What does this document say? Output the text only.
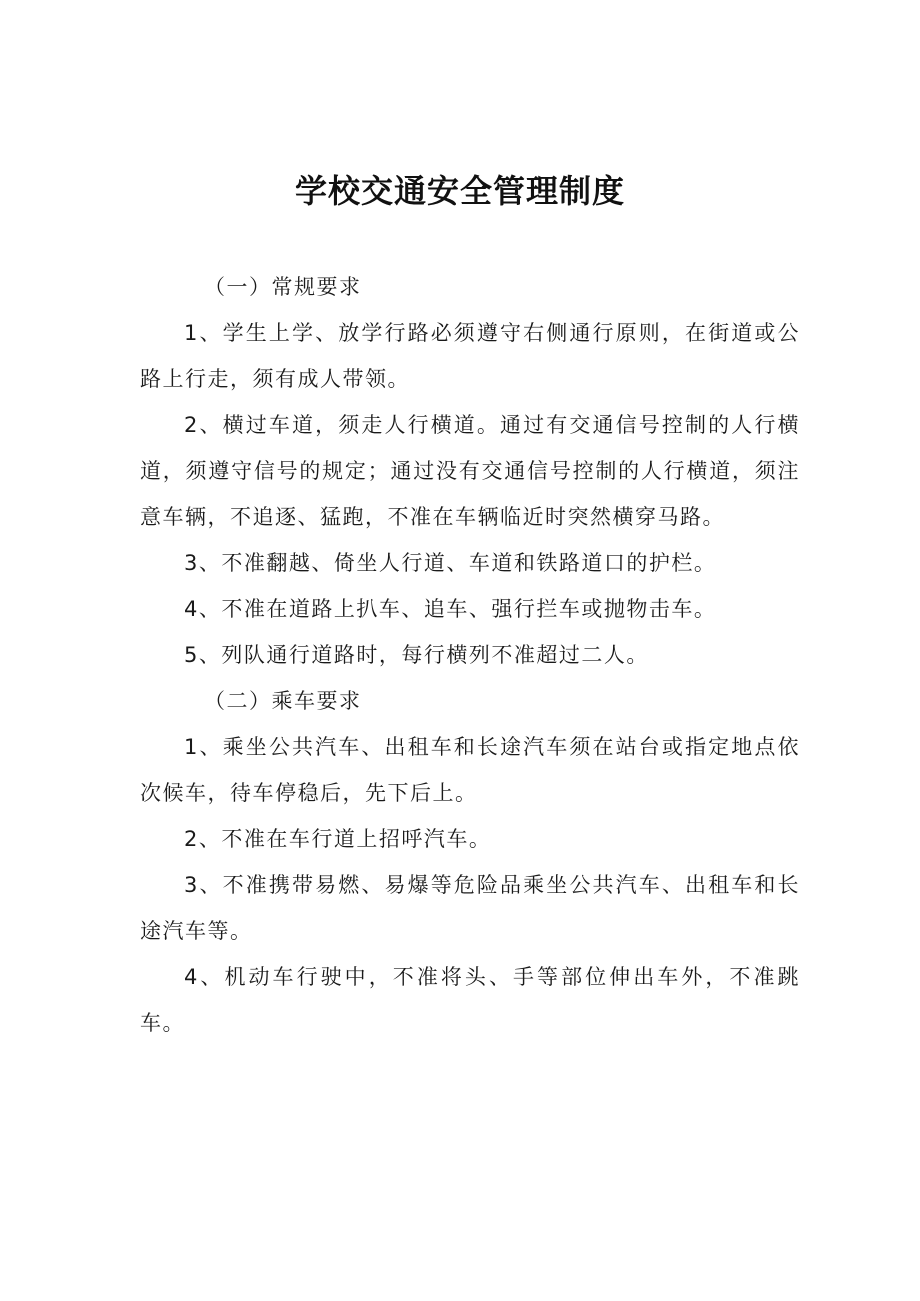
学校交通安全管理制度

（一）常规要求

1、学生上学、放学行路必须遵守右侧通行原则，在街道或公路上行走，须有成人带领。

2、横过车道，须走人行横道。通过有交通信号控制的人行横道，须遵守信号的规定；通过没有交通信号控制的人行横道，须注意车辆，不追逐、猛跑，不准在车辆临近时突然横穿马路。

3、不准翻越、倚坐人行道、车道和铁路道口的护栏。

4、不准在道路上扒车、追车、强行拦车或抛物击车。

5、列队通行道路时，每行横列不准超过二人。

（二）乘车要求

1、乘坐公共汽车、出租车和长途汽车须在站台或指定地点依次候车，待车停稳后，先下后上。

2、不准在车行道上招呼汽车。

3、不准携带易燃、易爆等危险品乘坐公共汽车、出租车和长途汽车等。

4、机动车行驶中，不准将头、手等部位伸出车外，不准跳车。
